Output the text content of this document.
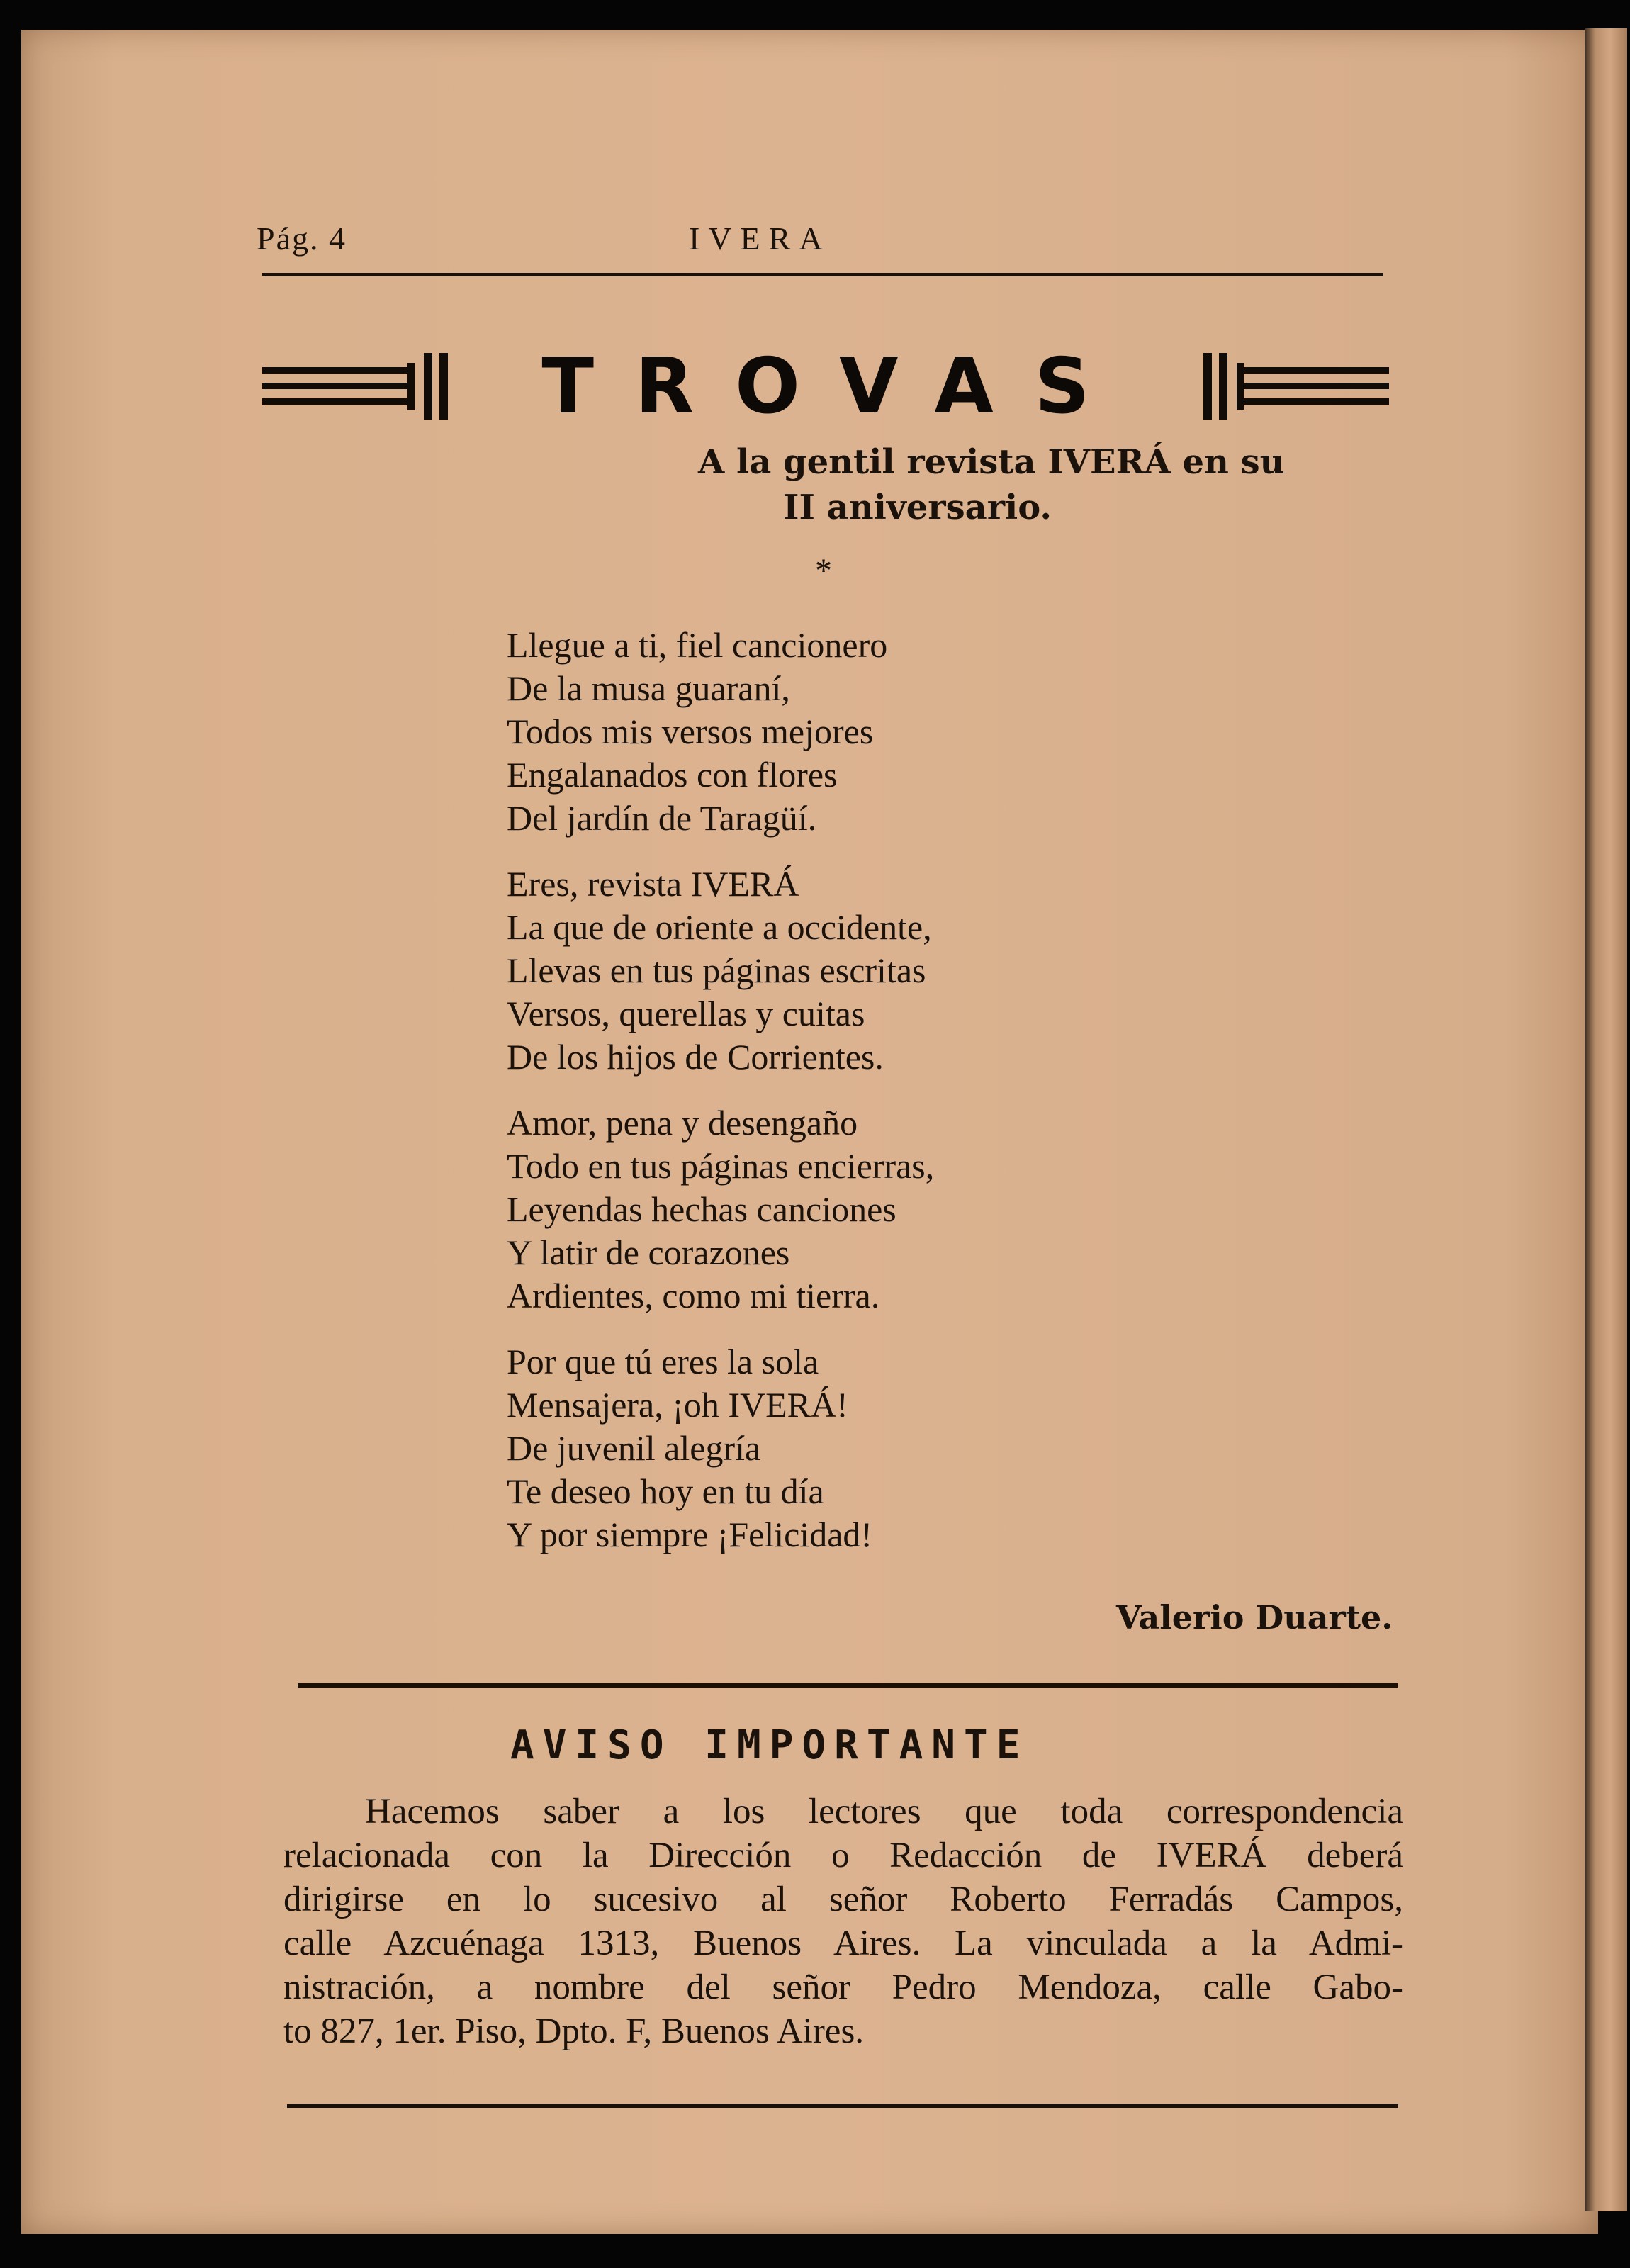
Pág. 4	IVERA
TROVAS
A la gentil revista IVERÁ en su
II aniversario.
*
Llegue a ti, fiel cancionero
De la musa guaraní,
Todos mis versos mejores
Engalanados con flores
Del jardín de Taragüí.
Eres, revista IVERÁ
La que de oriente a occidente,
Llevas en tus páginas escritas
Versos, querellas y cuitas
De los hijos de Corrientes.
Amor, pena y desengaño
Todo en tus páginas encierras,
Leyendas hechas canciones
Y latir de corazones
Ardientes, como mi tierra.
Por que tú eres la sola
Mensajera, ¡oh IVERÁ!
De juvenil alegría
Te deseo hoy en tu día
Y por siempre ¡Felicidad!
Valerio Duarte.
AVISO IMPORTANTE
Hacemos saber a los lectores que toda correspondencia
relacionada con la Dirección o Redacción de IVERÁ deberá
dirigirse en lo sucesivo al señor Roberto Ferradás Campos,
calle Azcuénaga 1313, Buenos Aires. La vinculada a la Admi-
nistración, a nombre del señor Pedro Mendoza, calle Gabo-
to 827, 1er. Piso, Dpto. F, Buenos Aires.
